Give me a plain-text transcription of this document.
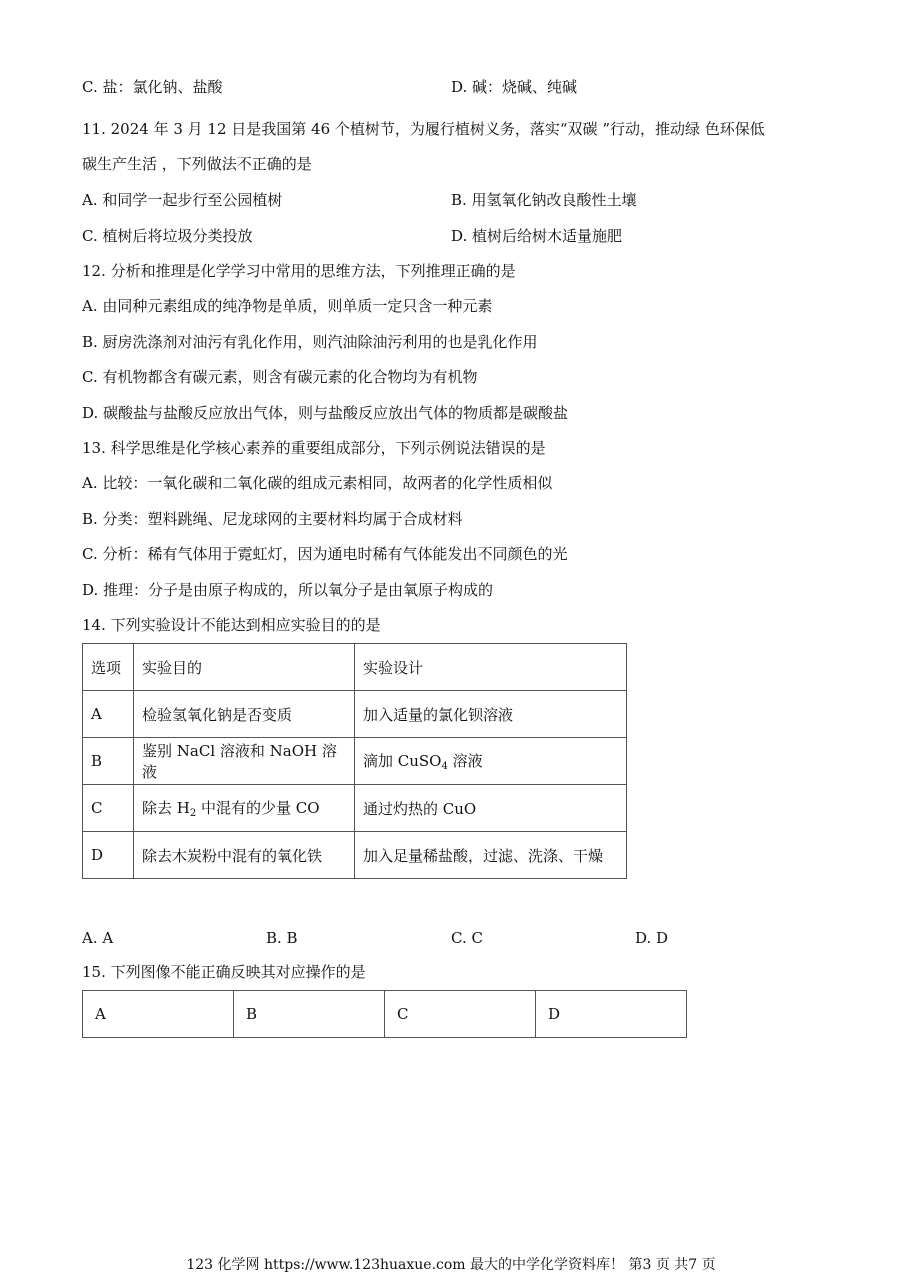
C. 盐：氯化钠、盐酸	D. 碱：烧碱、纯碱
11. 2024 年 3 月 12 日是我国第 46 个植树节，为履行植树义务，落实“双碳 ”行动，推动绿 色环保低
碳生产生活 ，下列做法不正确的是
A. 和同学一起步行至公园植树	B. 用氢氧化钠改良酸性土壤
C. 植树后将垃圾分类投放	D. 植树后给树木适量施肥
12. 分析和推理是化学学习中常用的思维方法，下列推理正确的是
A. 由同种元素组成的纯净物是单质，则单质一定只含一种元素
B. 厨房洗涤剂对油污有乳化作用，则汽油除油污利用的也是乳化作用
C. 有机物都含有碳元素，则含有碳元素的化合物均为有机物
D. 碳酸盐与盐酸反应放出气体，则与盐酸反应放出气体的物质都是碳酸盐
13. 科学思维是化学核心素养的重要组成部分，下列示例说法错误的是
A. 比较：一氧化碳和二氧化碳的组成元素相同，故两者的化学性质相似
B. 分类：塑料跳绳、尼龙球网的主要材料均属于合成材料
C. 分析：稀有气体用于霓虹灯，因为通电时稀有气体能发出不同颜色的光
D. 推理：分子是由原子构成的，所以氧分子是由氧原子构成的
14. 下列实验设计不能达到相应实验目的的是
选项	实验目的	实验设计
A	检验氢氧化钠是否变质	加入适量的氯化钡溶液
B	鉴别 NaCl 溶液和 NaOH 溶液	滴加 CuSO$_4$ 溶液
C	除去 $H_2$ 中混有的少量 CO	通过灼热的 CuO
D	除去木炭粉中混有的氧化铁	加入足量稀盐酸，过滤、洗涤、干燥
A. A	B. B	C. C	D. D
15. 下列图像不能正确反映其对应操作的是
A	B	C	D
123 化学网 https://www.123huaxue.com 最大的中学化学资料库！ 第3 页 共7 页
